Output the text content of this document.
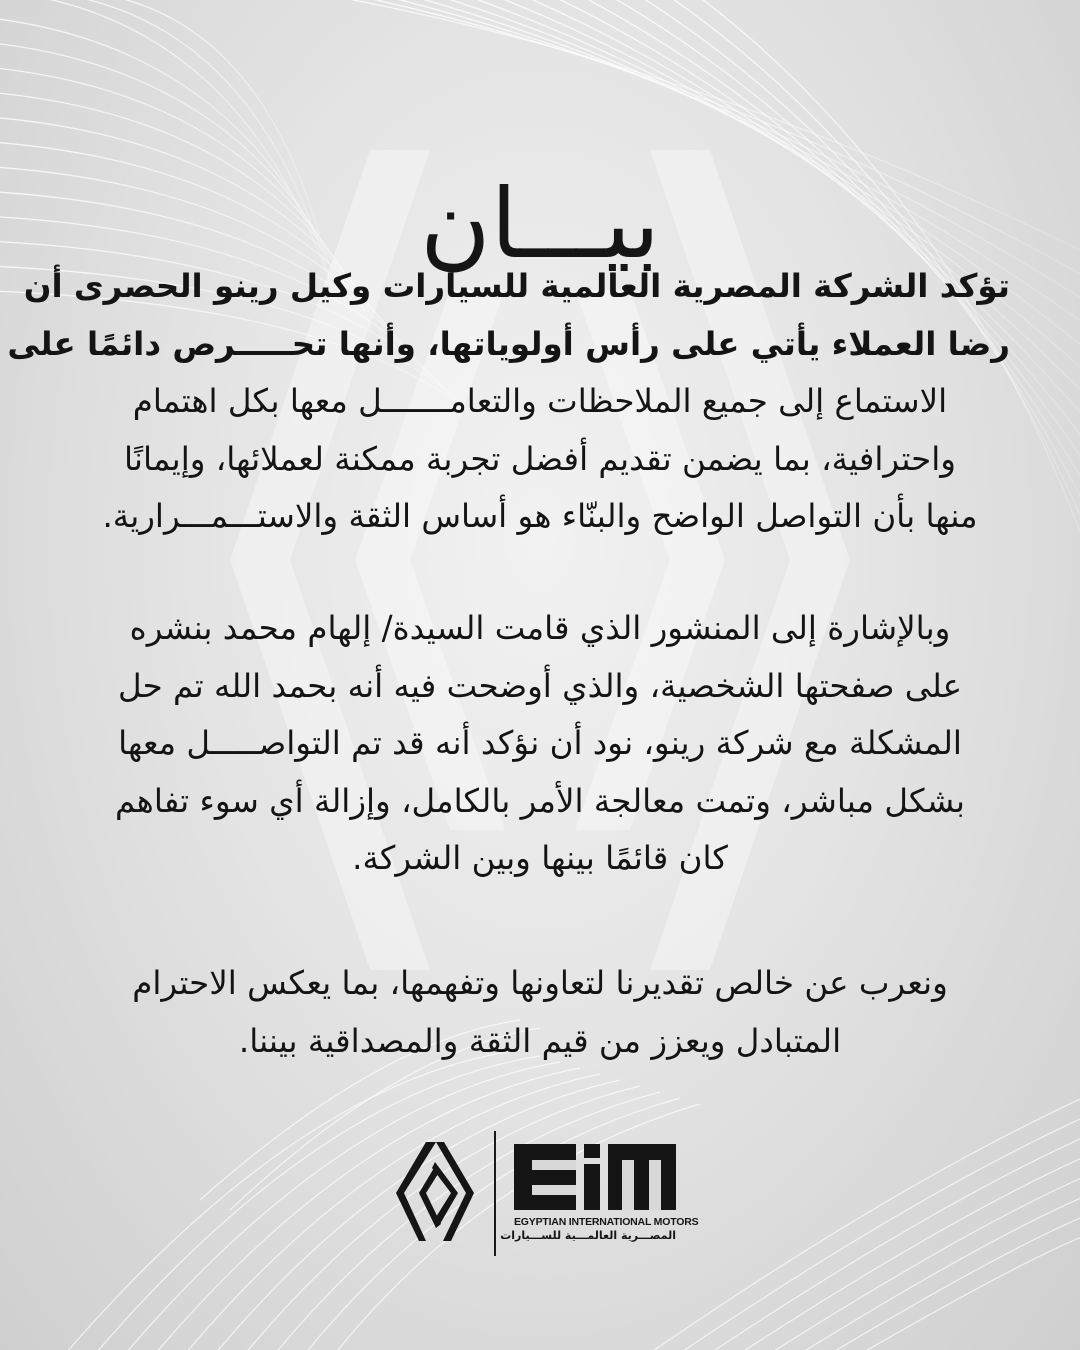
بيـــان
تؤكد الشركة المصرية العالمية للسيارات وكيل رينو الحصرى أن
رضا العملاء يأتي على رأس أولوياتها، وأنها تحـــــرص دائمًا على
الاستماع إلى جميع الملاحظات والتعامـــــــل معها بكل اهتمام
واحترافية، بما يضمن تقديم أفضل تجربة ممكنة لعملائها، وإيمانًا
منها بأن التواصل الواضح والبنّاء هو أساس الثقة والاستـــمـــرارية.
وبالإشارة إلى المنشور الذي قامت السيدة/ إلهام محمد بنشره
على صفحتها الشخصية، والذي أوضحت فيه أنه بحمد الله تم حل
المشكلة مع شركة رينو، نود أن نؤكد أنه قد تم التواصـــــل معها
بشكل مباشر، وتمت معالجة الأمر بالكامل، وإزالة أي سوء تفاهم
كان قائمًا بينها وبين الشركة.
ونعرب عن خالص تقديرنا لتعاونها وتفهمها، بما يعكس الاحترام
المتبادل ويعزز من قيم الثقة والمصداقية بيننا.
EGYPTIAN INTERNATIONAL MOTORS
المصـــرية العالمـــية للســـيارات
